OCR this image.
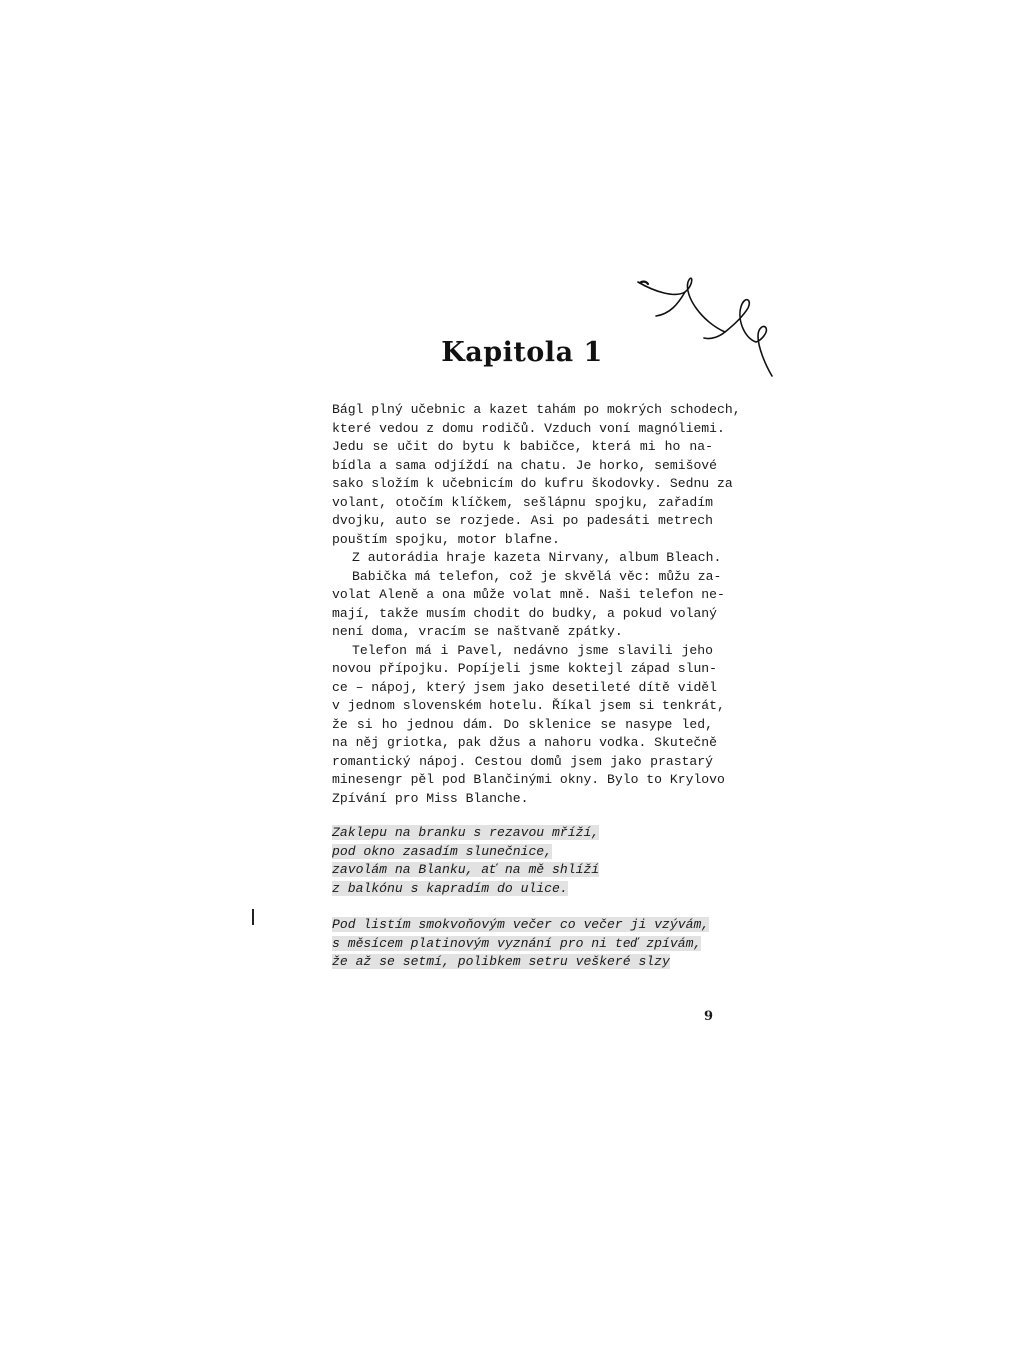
Kapitola 1
Bágl plný učebnic a kazet tahám po mokrých schodech,
které vedou z domu rodičů. Vzduch voní magnóliemi.
Jedu se učit do bytu k babičce, která mi ho na-
bídla a sama odjíždí na chatu. Je horko, semišové
sako složím k učebnicím do kufru škodovky. Sednu za
volant, otočím klíčkem, sešlápnu spojku, zařadím
dvojku, auto se rozjede. Asi po padesáti metrech
pouštím spojku, motor blafne.
Z autorádia hraje kazeta Nirvany, album Bleach.
Babička má telefon, což je skvělá věc: můžu za-
volat Aleně a ona může volat mně. Naši telefon ne-
mají, takže musím chodit do budky, a pokud volaný
není doma, vracím se naštvaně zpátky.
Telefon má i Pavel, nedávno jsme slavili jeho
novou přípojku. Popíjeli jsme koktejl západ slun-
ce – nápoj, který jsem jako desetileté dítě viděl
v jednom slovenském hotelu. Říkal jsem si tenkrát,
že si ho jednou dám. Do sklenice se nasype led,
na něj griotka, pak džus a nahoru vodka. Skutečně
romantický nápoj. Cestou domů jsem jako prastarý
minesengr pěl pod Blančinými okny. Bylo to Krylovo
Zpívání pro Miss Blanche.
Zaklepu na branku s rezavou mříží,
pod okno zasadím slunečnice,
zavolám na Blanku, ať na mě shlíží
z balkónu s kapradím do ulice.
Pod listím smokvoňovým večer co večer ji vzývám,
s měsícem platinovým vyznání pro ni teď zpívám,
že až se setmí, polibkem setru veškeré slzy
9
